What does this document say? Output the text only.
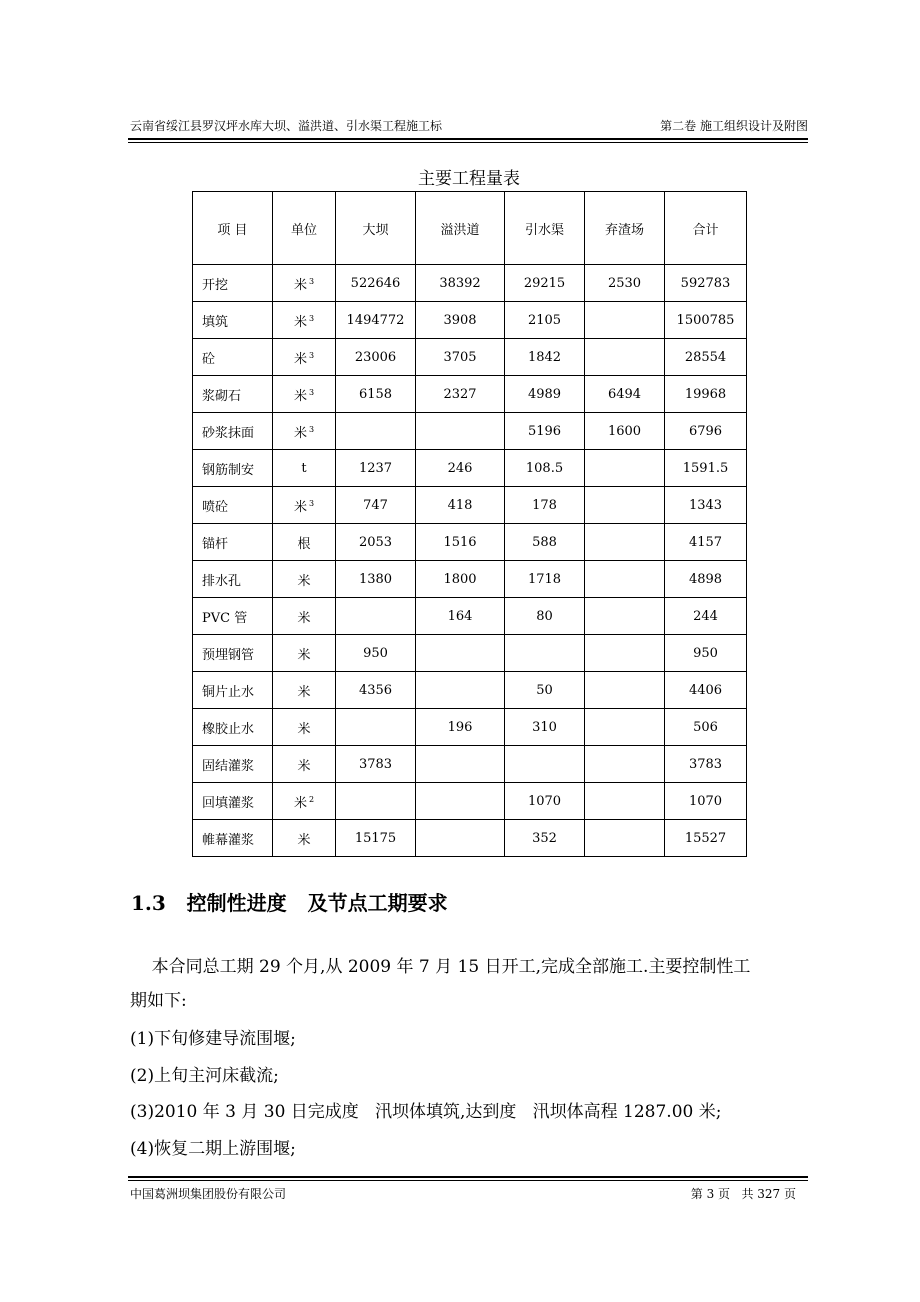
云南省绥江县罗汉坪水库大坝、溢洪道、引水渠工程施工标	第二卷 施工组织设计及附图
主要工程量表
项 目	单位	大坝	溢洪道	引水渠	弃渣场	合计
开挖	米 $^3$	522646	38392	29215	2530	592783
填筑	米 $^3$	1494772	3908	2105		1500785
砼	米 $^3$	23006	3705	1842		28554
浆砌石	米 $^3$	6158	2327	4989	6494	19968
砂浆抹面	米 $^3$			5196	1600	6796
钢筋制安	t	1237	246	108.5		1591.5
喷砼	米 $^3$	747	418	178		1343
锚杆	根	2053	1516	588		4157
排水孔	米	1380	1800	1718		4898
PVC 管	米		164	80		244
预埋钢管	米	950				950
铜片止水	米	4356		50		4406
橡胶止水	米		196	310		506
固结灌浆	米	3783				3783
回填灌浆	米 $^2$			1070		1070
帷幕灌浆	米	15175		352		15527
1.3   控制性进度   及节点工期要求
本合同总工期 29 个月,从 2009 年 7 月 15 日开工,完成全部施工.主要控制性工
期如下:
(1)下旬修建导流围堰;
(2)上旬主河床截流;
(3)2010 年 3 月 30 日完成度   汛坝体填筑,达到度   汛坝体高程 1287.00 米;
(4)恢复二期上游围堰;
中国葛洲坝集团股份有限公司	第 3 页   共 327 页
